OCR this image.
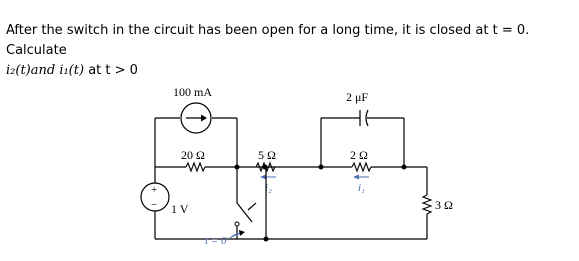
After the switch in the circuit has been open for a long time, it is closed at t = 0. Calculate
i₂(t)and i₁(t) at t > 0
100 mA
20 Ω
+
− 1 V
t = 0
5 Ω
i₂
2 μF
2 Ω
i₁
3 Ω
